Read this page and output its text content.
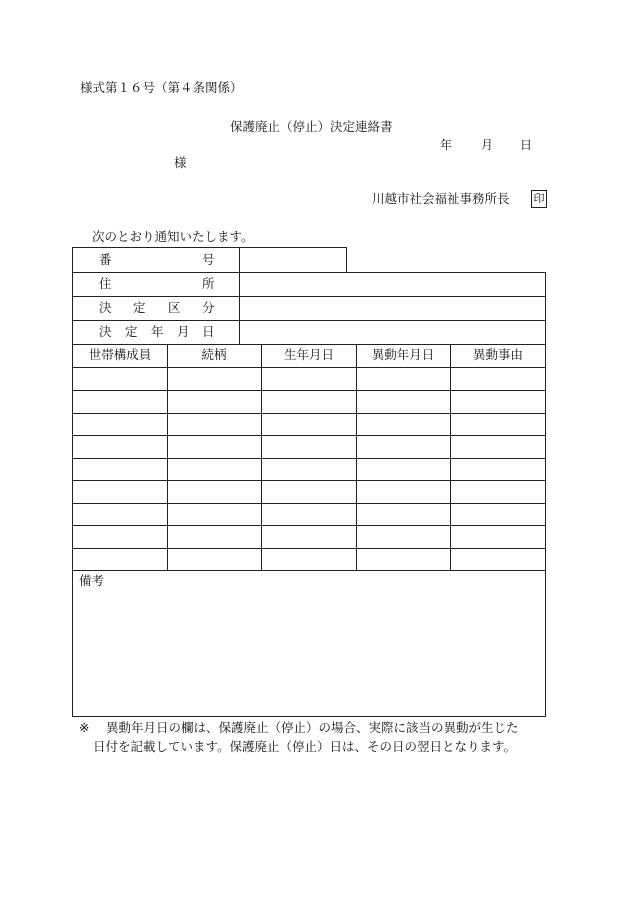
様式第１６号（第４条関係）
保護廃止（停止）決定連絡書
年 月 日
様
川越市社会福祉事務所長 印
次のとおり通知いたします。
番	号
住	所
決 定 区 分
決 定 年 月 日
世帯構成員	続柄	生年月日	異動年月日	異動事由
備考
※ 異動年月日の欄は、保護廃止（停止）の場合、実際に該当の異動が生じた
日付を記載しています。保護廃止（停止）日は、その日の翌日となります。
